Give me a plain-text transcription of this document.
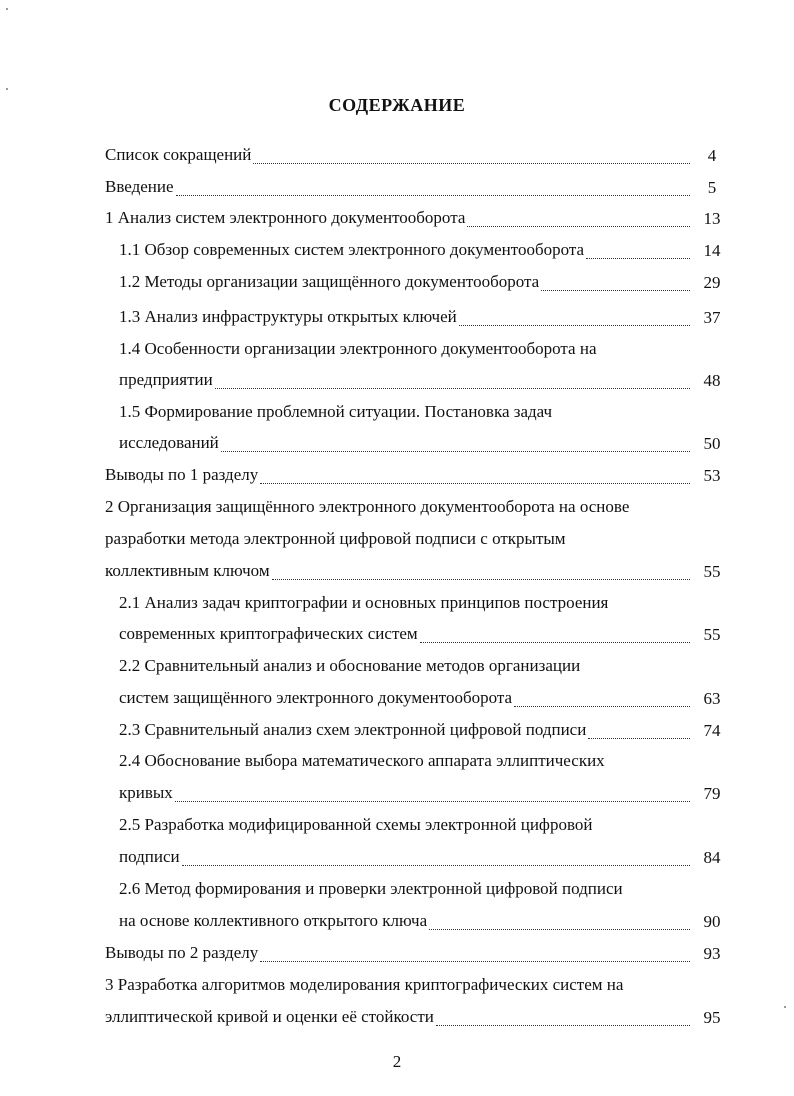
СОДЕРЖАНИЕ
Список сокращений	4
Введение	5
1 Анализ систем электронного документооборота	13
1.1 Обзор современных систем электронного документооборота	14
1.2 Методы организации защищённого документооборота	29
1.3 Анализ инфраструктуры открытых ключей	37
1.4 Особенности организации электронного документооборота на
предприятии	48
1.5 Формирование проблемной ситуации. Постановка задач
исследований	50
Выводы по 1 разделу	53
2 Организация защищённого электронного документооборота на основе
разработки метода электронной цифровой подписи с открытым
коллективным ключом	55
2.1 Анализ задач криптографии и основных принципов построения
современных криптографических систем	55
2.2 Сравнительный анализ и обоснование методов организации
систем защищённого электронного документооборота	63
2.3 Сравнительный анализ схем электронной цифровой подписи	74
2.4 Обоснование выбора математического аппарата эллиптических
кривых	79
2.5 Разработка модифицированной схемы электронной цифровой
подписи	84
2.6 Метод формирования и проверки электронной цифровой подписи
на основе коллективного открытого ключа	90
Выводы по 2 разделу	93
3 Разработка алгоритмов моделирования криптографических систем на
эллиптической кривой и оценки её стойкости	95
2
